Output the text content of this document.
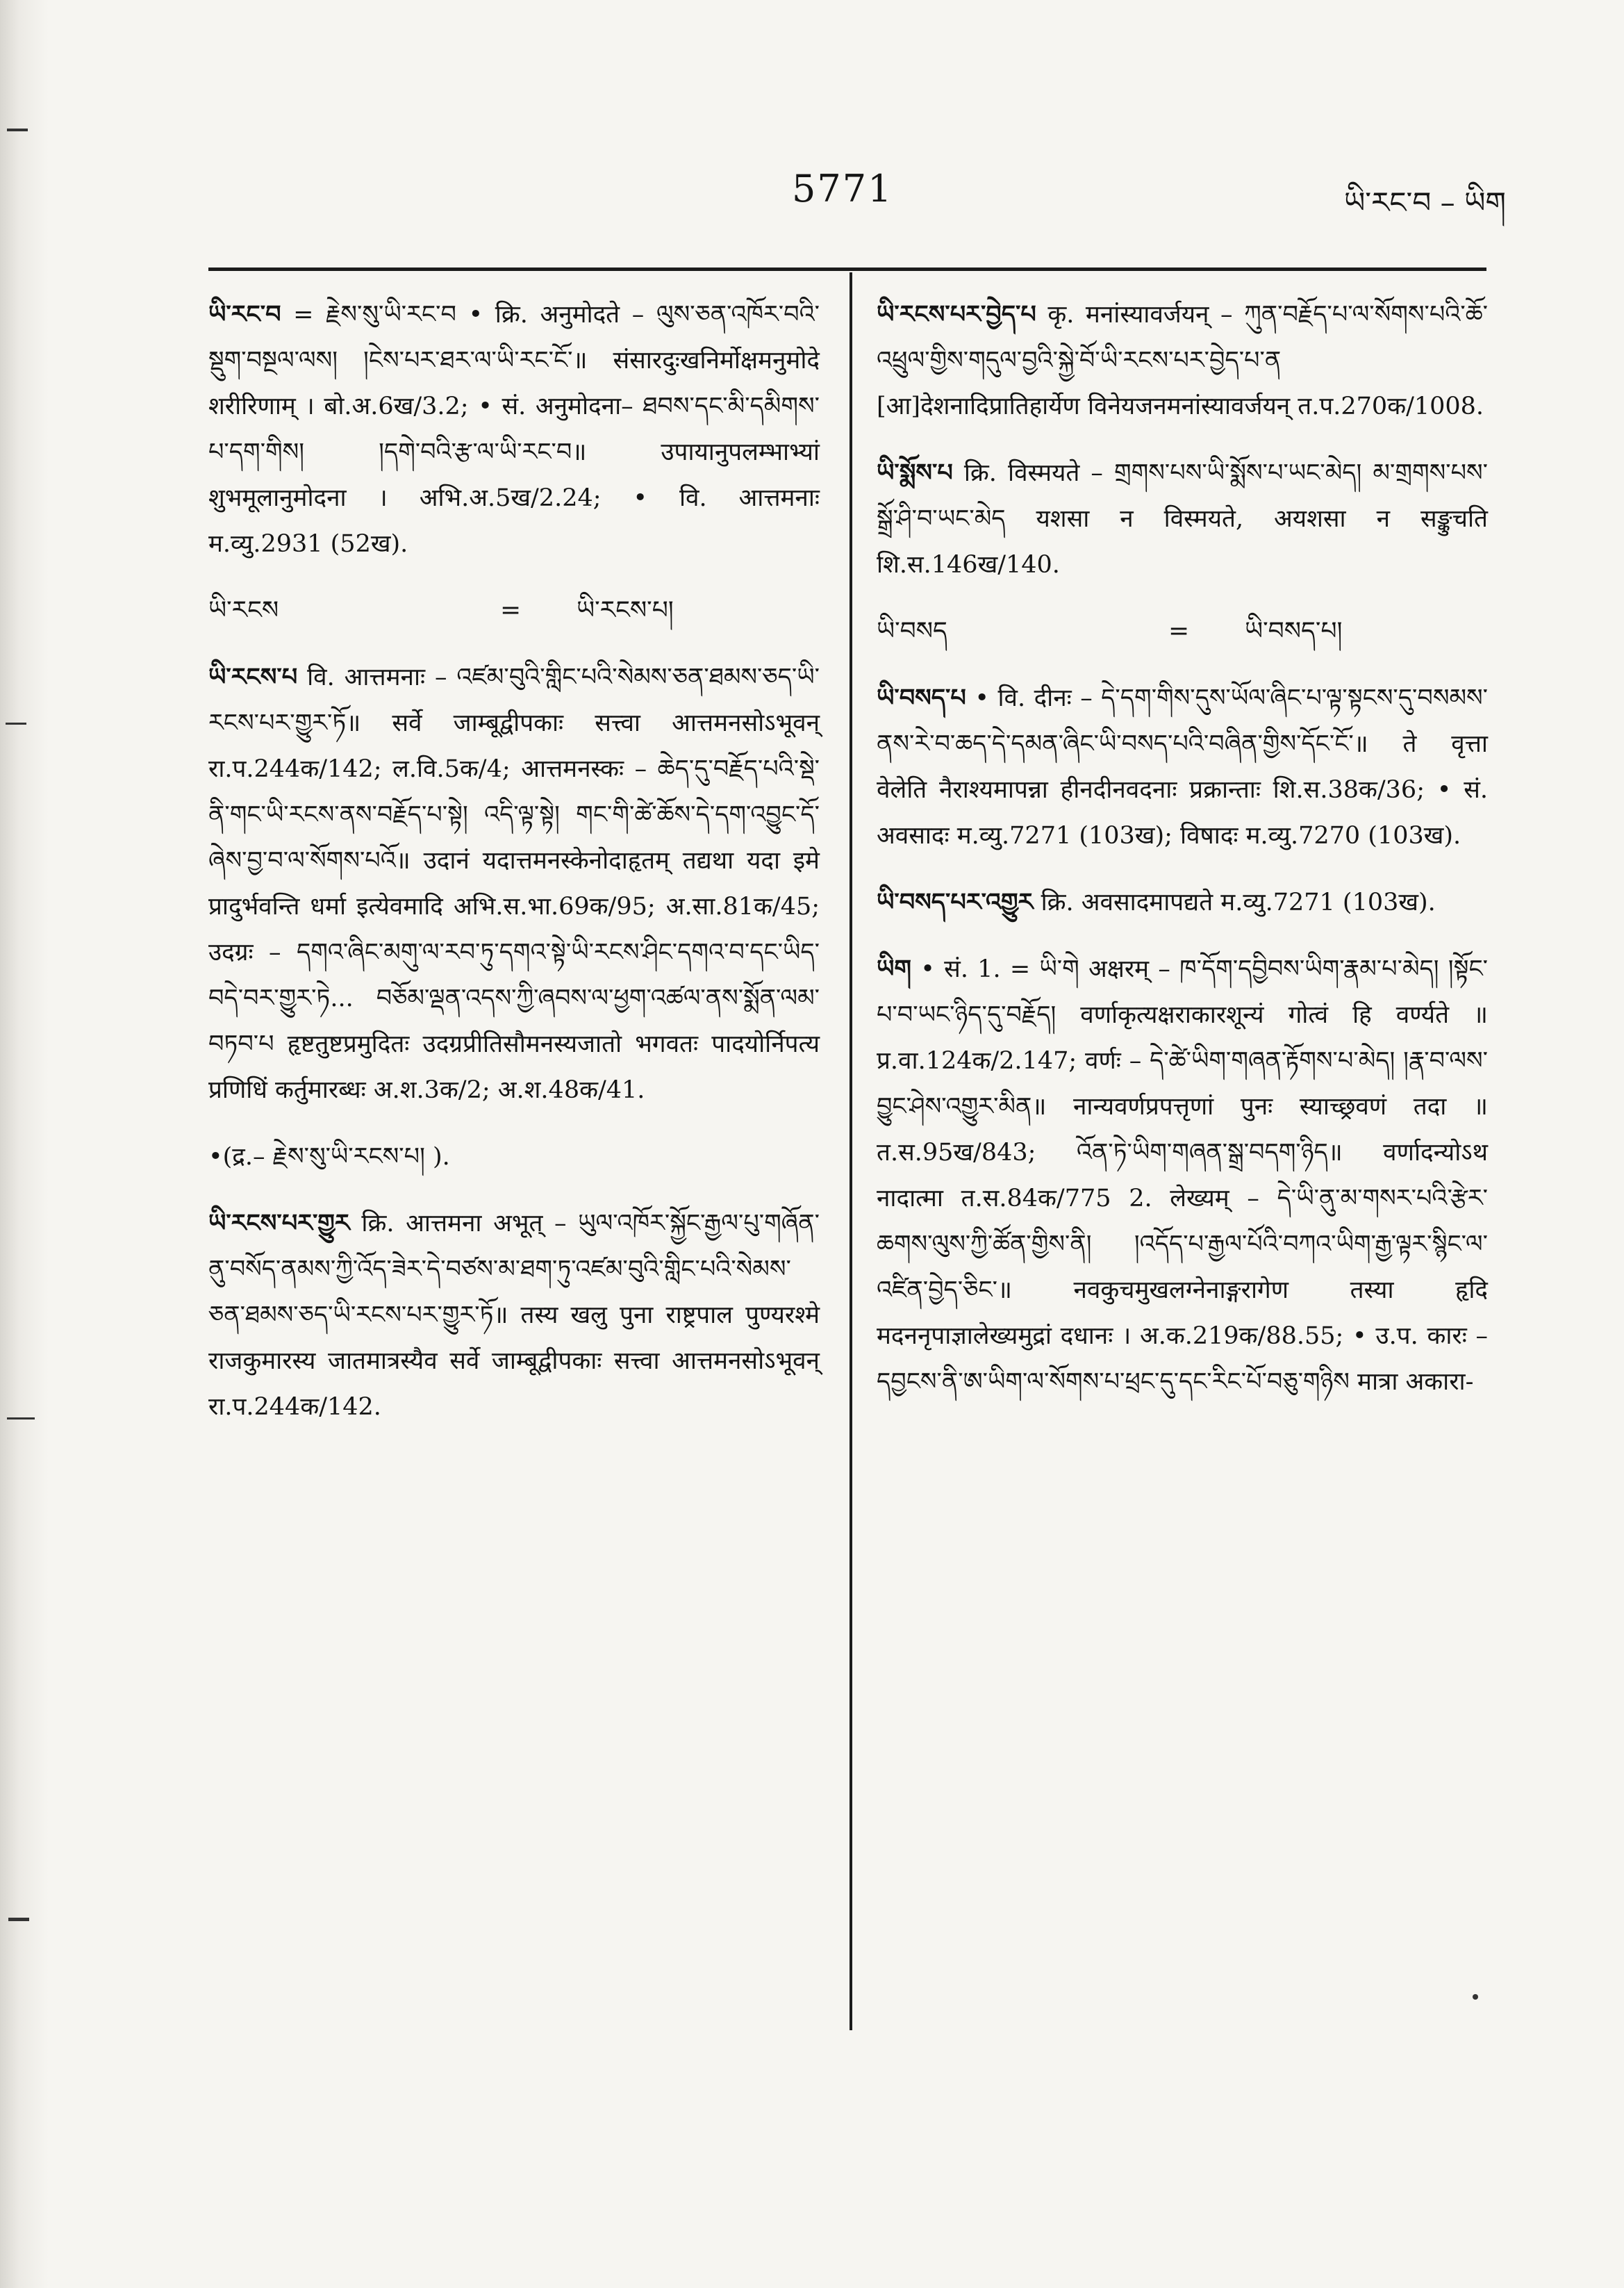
5771	ཡི་རང་བ – ཡིག

ཡི་རང་བ = རྗེས་སུ་ཡི་རང་བ • क्रि. अनुमोदते – ལུས་ཅན་འཁོར་བའི་སྡུག་བསྔལ་ལས། །ངེས་པར་ཐར་ལ་ཡི་རང་ངོ་॥ संसारदुःखनिर्मोक्षमनुमोदे शरीरिणाम् । बो.अ.6ख/3.2; • सं. अनुमोदना– ཐབས་དང་མི་དམིགས་པ་དག་གིས། །དགེ་བའི་རྩ་ལ་ཡི་རང་བ॥ उपायानुपलम्भाभ्यां शुभमूलानुमोदना । अभि.अ.5ख/2.24; • वि. आत्तमनाः म.व्यु.2931 (52ख).

ཡི་རངས	=	ཡི་རངས་པ།

ཡི་རངས་པ वि. आत्तमनाः – འཛམ་བུའི་གླིང་པའི་སེམས་ཅན་ཐམས་ཅད་ཡི་རངས་པར་གྱུར་ཏོ॥ सर्वे जाम्बूद्वीपकाः सत्त्वा आत्तमनसोऽभूवन् रा.प.244क/142; ल.वि.5क/4; आत्तमनस्कः – ཆེད་དུ་བརྗོད་པའི་སྡེ་ནི་གང་ཡི་རངས་ནས་བརྗོད་པ་སྟེ། འདི་ལྟ་སྟེ། གང་གི་ཚེ་ཆོས་དེ་དག་འབྱུང་དོ་ཞེས་བྱ་བ་ལ་སོགས་པའོ॥ उदानं यदात्तमनस्केनोदाहृतम् तद्यथा यदा इमे प्रादुर्भवन्ति धर्मा इत्येवमादि अभि.स.भा.69क/95; अ.सा.81क/45; उदग्रः – དགའ་ཞིང་མགུ་ལ་རབ་ཏུ་དགའ་སྟེ་ཡི་རངས་ཤིང་དགའ་བ་དང་ཡིད་བདེ་བར་གྱུར་ཏེ... བཅོམ་ལྡན་འདས་ཀྱི་ཞབས་ལ་ཕྱག་འཚལ་ནས་སྨོན་ལམ་བཏབ་པ हृष्टतुष्टप्रमुदितः उदग्रप्रीतिसौमनस्यजातो भगवतः पादयोर्निपत्य प्रणिधिं कर्तुमारब्धः अ.श.3क/2; अ.श.48क/41.

•(द्र.– རྗེས་སུ་ཡི་རངས་པ། ).

ཡི་རངས་པར་གྱུར क्रि. आत्तमना अभूत् – ཡུལ་འཁོར་སྐྱོང་རྒྱལ་པུ་གཞོན་ནུ་བསོད་ནམས་ཀྱི་འོད་ཟེར་དེ་བཙས་མ་ཐག་ཏུ་འཛམ་བུའི་གླིང་པའི་སེམས་ཅན་ཐམས་ཅད་ཡི་རངས་པར་གྱུར་ཏོ॥ तस्य खलु पुना राष्ट्रपाल पुण्यरश्मे राजकुमारस्य जातमात्रस्यैव सर्वे जाम्बूद्वीपकाः सत्त्वा आत्तमनसोऽभूवन् रा.प.244क/142.

ཡི་རངས་པར་བྱེད་པ कृ. मनांस्यावर्जयन् – ཀུན་བརྗོད་པ་ལ་སོགས་པའི་ཆོ་འཕྲུལ་གྱིས་གདུལ་བྱའི་སྐྱེ་བོ་ཡི་རངས་པར་བྱེད་པ་ན [आ]देशनादिप्रातिहार्येण विनेयजनमनांस्यावर्जयन् त.प.270क/1008.

ཡི་སྨོས་པ क्रि. विस्मयते – གྲགས་པས་ཡི་སྨོས་པ་ཡང་མེད། མ་གྲགས་པས་སྒྲོ་ཤི་བ་ཡང་མེད यशसा न विस्मयते, अयशसा न सङ्कुचति शि.स.146ख/140.

ཡི་བསད	=	ཡི་བསད་པ།

ཡི་བསད་པ • वि. दीनः – དེ་དག་གིས་དུས་ཡོལ་ཞིང་པ་ལྟ་སྟངས་དུ་བསམས་ནས་རེ་བ་ཆད་དེ་དམན་ཞིང་ཡི་བསད་པའི་བཞིན་གྱིས་དོང་ངོ་॥ ते वृत्ता वेलेति नैराश्यमापन्ना हीनदीनवदनाः प्रक्रान्ताः शि.स.38क/36; • सं. अवसादः म.व्यु.7271 (103ख); विषादः म.व्यु.7270 (103ख).

ཡི་བསད་པར་འགྱུར क्रि. अवसादमापद्यते म.व्यु.7271 (103ख).

ཡིག • सं. 1. = ཡི་གེ अक्षरम् – ཁ་དོག་དབྱིབས་ཡིག་རྣམ་པ་མེད། །སྟོང་པ་བ་ཡང་ཉིད་དུ་བརྗོད། वर्णाकृत्यक्षराकारशून्यं गोत्वं हि वर्ण्यते ॥ प्र.वा.124क/2.147; वर्णः – དེ་ཚེ་ཡིག་གཞན་རྟོགས་པ་མེད། །རྣ་བ་ལས་བྱུང་ཤེས་འགྱུར་མིན॥ नान्यवर्णप्रपत्तृणां पुनः स्याच्छ्रवणं तदा ॥ त.स.95ख/843; འོན་ཏེ་ཡིག་གཞན་སྒྲ་བདག་ཉིད॥ वर्णादन्योऽथ नादात्मा त.स.84क/775 2. लेख्यम् – དེ་ཡི་ནུ་མ་གསར་པའི་རྩེར་ཆགས་ལུས་ཀྱི་ཚོན་གྱིས་ནི། །འདོད་པ་རྒྱལ་པོའི་བཀའ་ཡིག་རྒྱ་ལྟར་སྙིང་ལ་འཛིན་བྱེད་ཅིང་॥ नवकुचमुखलग्नेनाङ्गरागेण तस्या हृदि मदननृपाज्ञालेख्यमुद्रां दधानः । अ.क.219क/88.55; • उ.प. कारः – དབྱངས་ནི་ཨ་ཡིག་ལ་སོགས་པ་ཕྲང་དུ་དང་རིང་པོ་བཅུ་གཉིས मात्रा अकारा-
